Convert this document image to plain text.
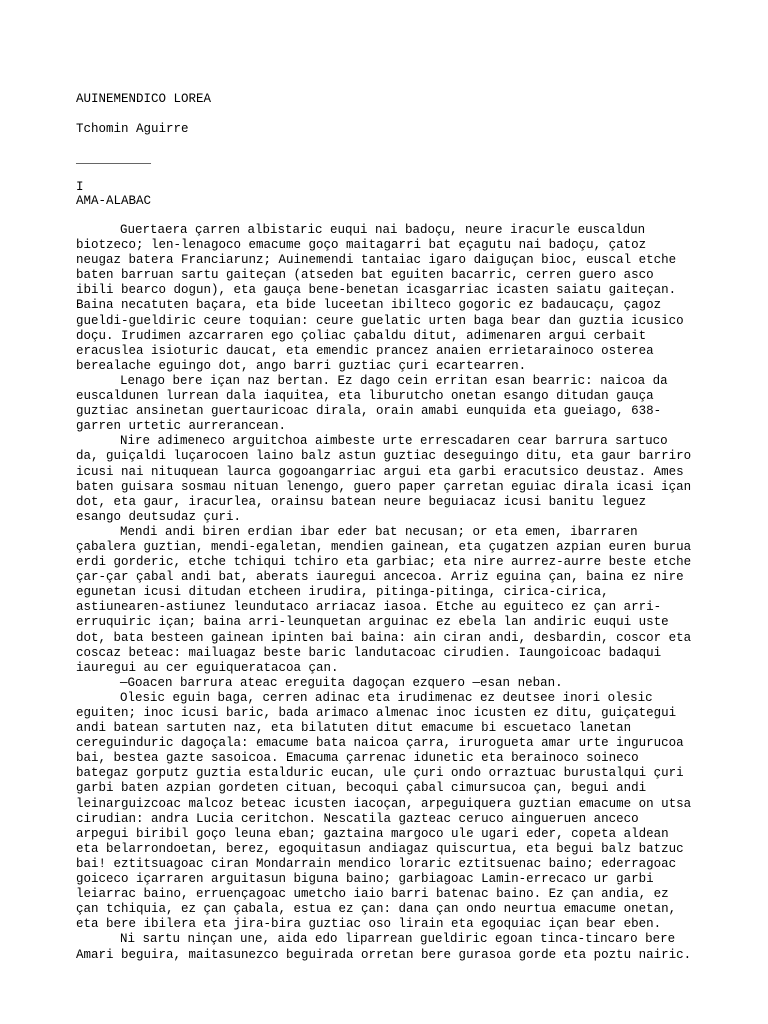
AUINEMENDICO LOREA

Tchomin Aguirre

__________

I

AMA-ALABAC

Guertaera çarren albistaric euqui nai badoçu, neure iracurle euscaldun biotzeco; len-lenagoco emacume goço maitagarri bat eçagutu nai badoçu, çatoz neugaz batera Franciarunz; Auinemendi tantaiac igaro daiguçan bioc, euscal etche baten barruan sartu gaiteçan (atseden bat eguiten bacarric, cerren guero asco ibili bearco dogun), eta gauça bene-benetan icasgarriac icasten saiatu gaiteçan. Baina necatuten baçara, eta bide luceetan ibilteco gogoric ez badaucaçu, çagoz gueldi-gueldiric ceure toquian: ceure guelatic urten baga bear dan guztia icusico doçu. Irudimen azcarraren ego çoliac çabaldu ditut, adimenaren argui cerbait eracuslea isioturic daucat, eta emendic prancez anaien errietarainoco osterea berealache eguingo dot, ango barri guztiac çuri ecartearren.

Lenago bere içan naz bertan. Ez dago cein erritan esan bearric: naicoa da euscaldunen lurrean dala iaquitea, eta liburutcho onetan esango ditudan gauça guztiac ansinetan guertauricoac dirala, orain amabi eunquida eta gueiago, 638-garren urtetic aurrerancean.

Nire adimeneco arguitchoa aimbeste urte errescadaren cear barrura sartuco da, guiçaldi luçarocoen laino balz astun guztiac deseguingo ditu, eta gaur barriro icusi nai nituquean laurca gogoangarriac argui eta garbi eracutsico deustaz. Ames baten guisara sosmau nituan lenengo, guero paper çarretan eguiac dirala icasi içan dot, eta gaur, iracurlea, orainsu batean neure beguiacaz icusi banitu leguez esango deutsudaz çuri.

Mendi andi biren erdian ibar eder bat necusan; or eta emen, ibarraren çabalera guztian, mendi-egaletan, mendien gainean, eta çugatzen azpian euren burua erdi gorderic, etche tchiqui tchiro eta garbiac; eta nire aurrez-aurre beste etche çar-çar çabal andi bat, aberats iauregui ancecoa. Arriz eguina çan, baina ez nire egunetan icusi ditudan etcheen irudira, pitinga-pitinga, cirica-cirica, astiunearen-astiunez leundutaco arriacaz iasoa. Etche au eguiteco ez çan arri-erruquiric içan; baina arri-leunquetan arguinac ez ebela lan andiric euqui uste dot, bata besteen gainean ipinten bai baina: ain ciran andi, desbardin, coscor eta coscaz beteac: mailuagaz beste baric landutacoac cirudien. Iaungoicoac badaqui iauregui au cer eguiqueratacoa çan.

—Goacen barrura ateac ereguita dagoçan ezquero —esan neban.

Olesic eguin baga, cerren adinac eta irudimenac ez deutsee inori olesic eguiten; inoc icusi baric, bada arimaco almenac inoc icusten ez ditu, guiçategui andi batean sartuten naz, eta bilatuten ditut emacume bi escuetaco lanetan cereguinduric dagoçala: emacume bata naicoa çarra, irurogueta amar urte ingurucoa bai, bestea gazte sasoicoa. Emacuma çarrenac idunetic eta berainoco soineco bategaz gorputz guztia estalduric eucan, ule çuri ondo orraztuac burustalqui çuri garbi baten azpian gordeten cituan, becoqui çabal cimursucoa çan, begui andi leinarguizcoac malcoz beteac icusten iacoçan, arpeguiquera guztian emacume on utsa cirudian: andra Lucia ceritchon. Nescatila gazteac ceruco aingueruen anceco arpegui biribil goço leuna eban; gaztaina margoco ule ugari eder, copeta aldean eta belarrondoetan, berez, egoquitasun andiagaz quiscurtua, eta begui balz batzuc bai! eztitsuagoac ciran Mondarrain mendico loraric eztitsuenac baino; ederragoac goiceco içarraren arguitasun biguna baino; garbiagoac Lamin-errecaco ur garbi leiarrac baino, erruençagoac umetcho iaio barri batenac baino. Ez çan andia, ez çan tchiquia, ez çan çabala, estua ez çan: dana çan ondo neurtua emacume onetan, eta bere ibilera eta jira-bira guztiac oso lirain eta egoquiac içan bear eben.

Ni sartu ninçan une, aida edo liparrean gueldiric egoan tinca-tincaro bere Amari beguira, maitasunezco beguirada orretan bere gurasoa gorde eta poztu nairic.
